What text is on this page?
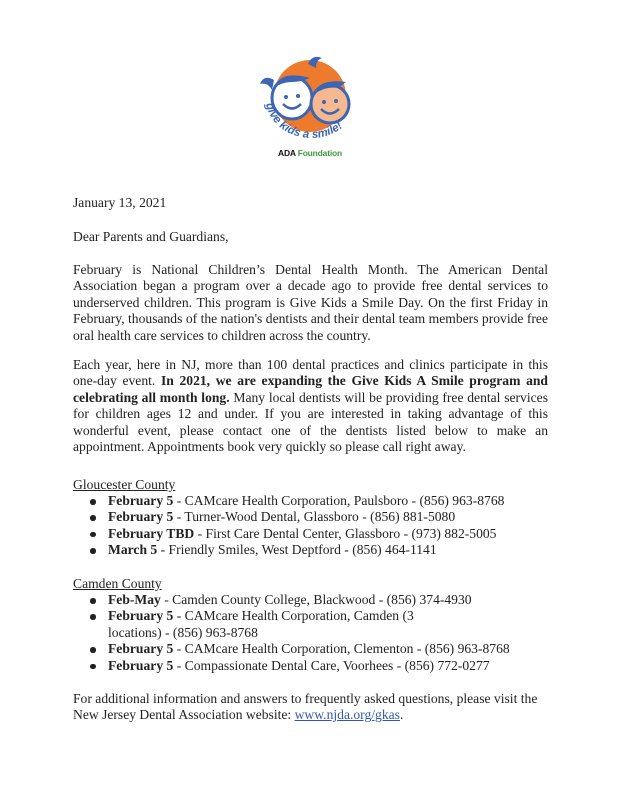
give kids a smile!
ADA Foundation

January 13, 2021

Dear Parents and Guardians,

February is National Children’s Dental Health Month. The American Dental Association began a program over a decade ago to provide free dental services to underserved children. This program is Give Kids a Smile Day. On the first Friday in February, thousands of the nation's dentists and their dental team members provide free oral health care services to children across the country.

Each year, here in NJ, more than 100 dental practices and clinics participate in this one-day event. In 2021, we are expanding the Give Kids A Smile program and celebrating all month long. Many local dentists will be providing free dental services for children ages 12 and under. If you are interested in taking advantage of this wonderful event, please contact one of the dentists listed below to make an appointment. Appointments book very quickly so please call right away.

Gloucester County
February 5 - CAMcare Health Corporation, Paulsboro - (856) 963-8768
February 5 - Turner-Wood Dental, Glassboro - (856) 881-5080
February TBD - First Care Dental Center, Glassboro - (973) 882-5005
March 5 - Friendly Smiles, West Deptford - (856) 464-1141
Camden County
Feb-May - Camden County College, Blackwood - (856) 374-4930
February 5 - CAMcare Health Corporation, Camden (3 locations) - (856) 963-8768
February 5 - CAMcare Health Corporation, Clementon - (856) 963-8768
February 5 - Compassionate Dental Care, Voorhees - (856) 772-0277

For additional information and answers to frequently asked questions, please visit the New Jersey Dental Association website: www.njda.org/gkas.
